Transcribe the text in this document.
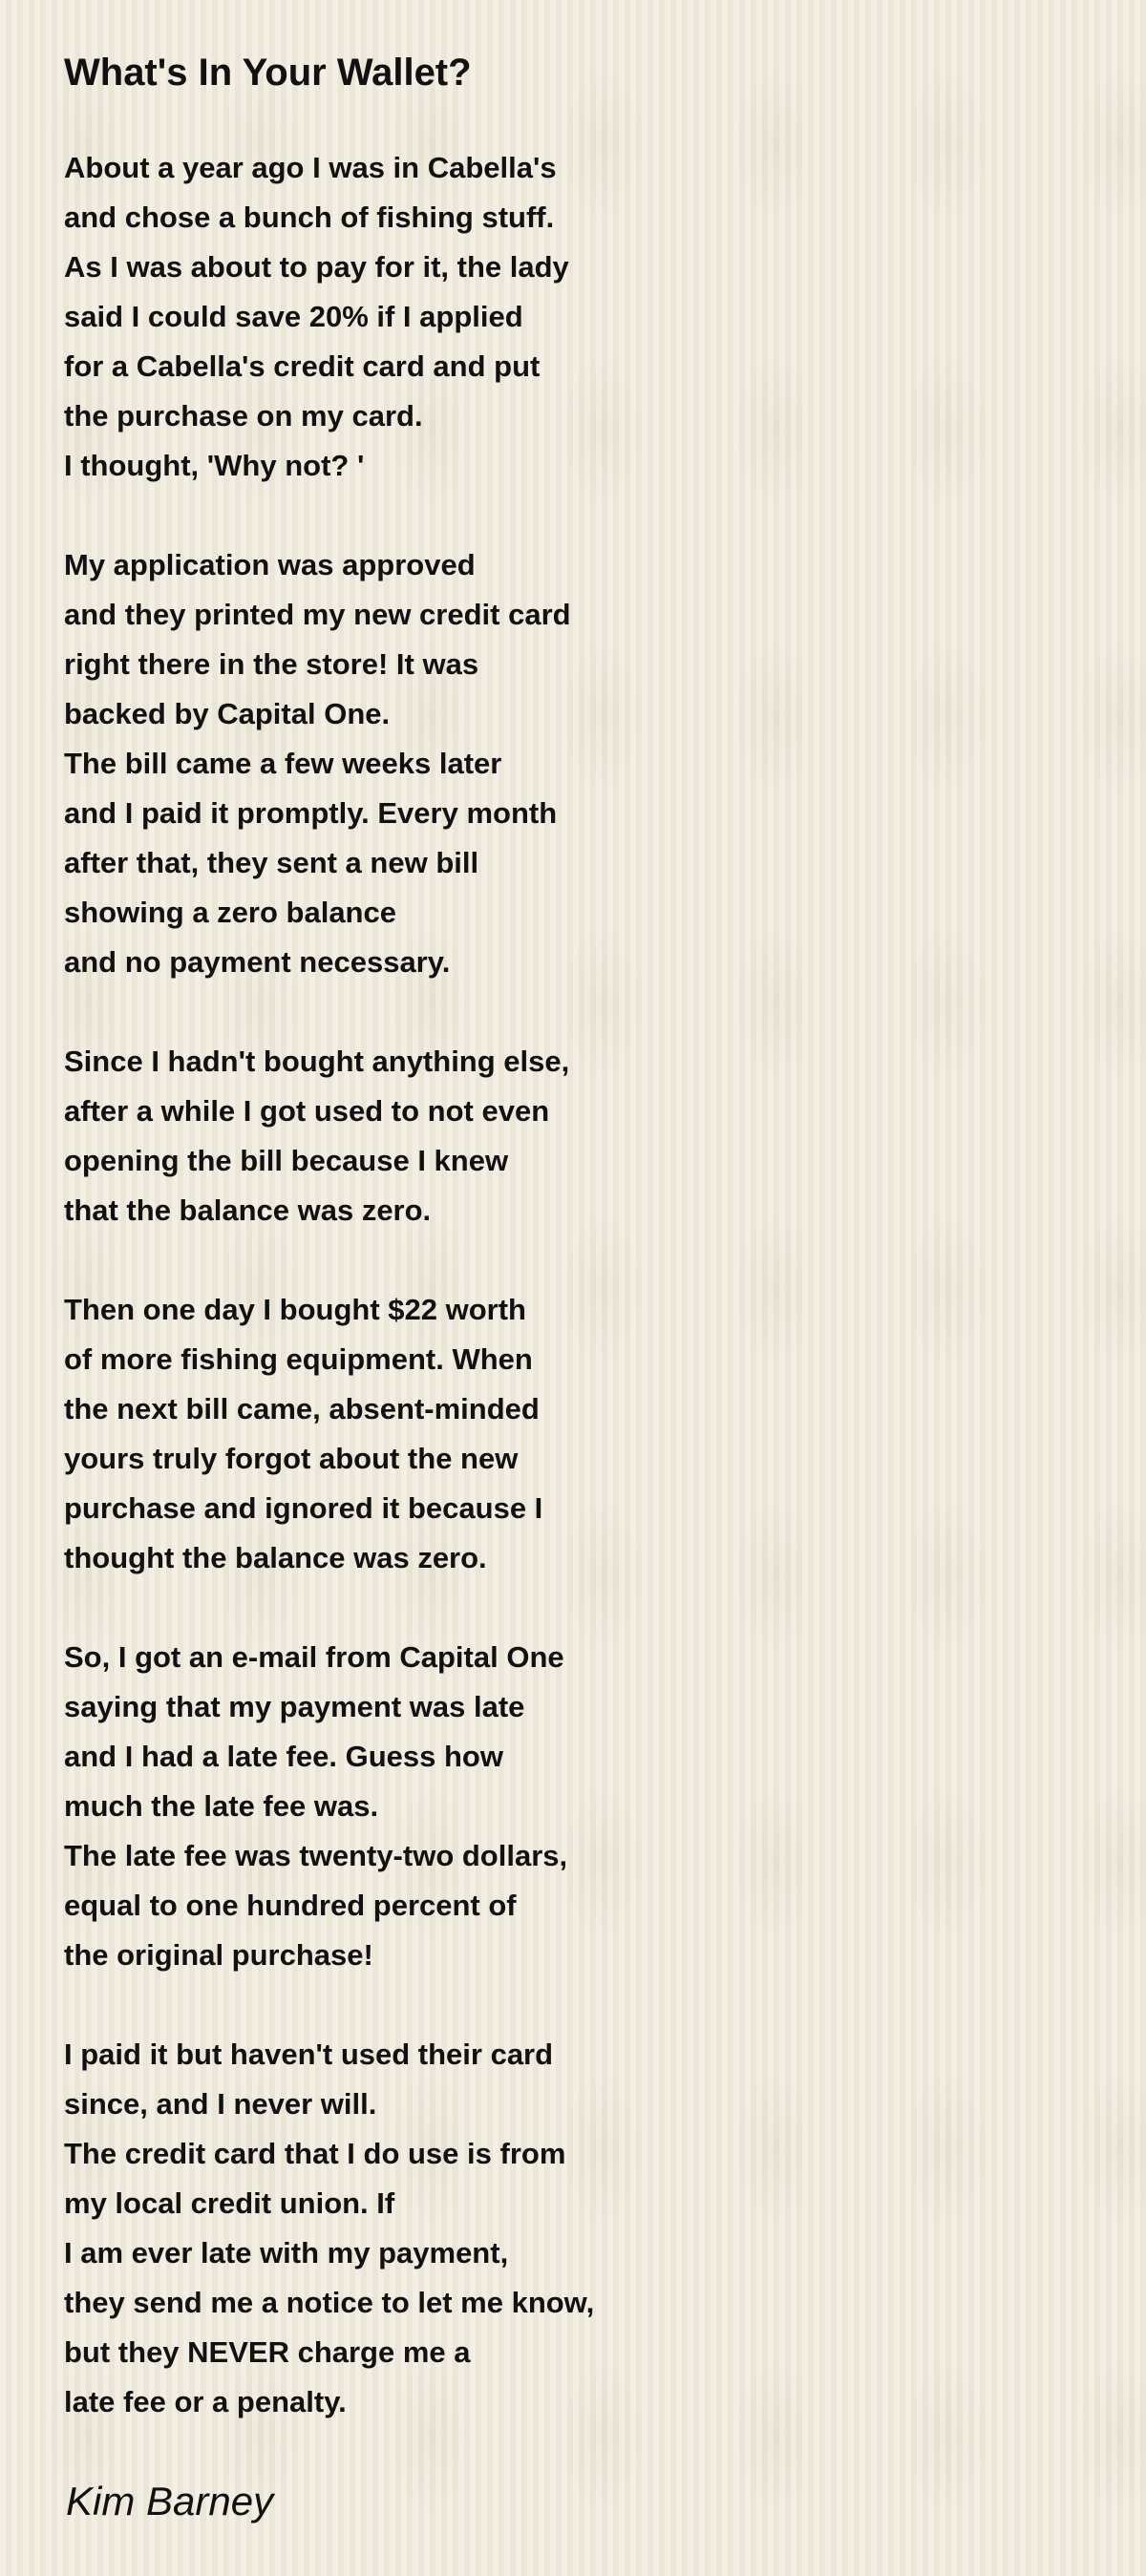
What's In Your Wallet?
About a year ago I was in Cabella's
and chose a bunch of fishing stuff.
As I was about to pay for it, the lady
said I could save 20% if I applied
for a Cabella's credit card and put
the purchase on my card.
I thought, 'Why not? '
My application was approved
and they printed my new credit card
right there in the store! It was
backed by Capital One.
The bill came a few weeks later
and I paid it promptly. Every month
after that, they sent a new bill
showing a zero balance
and no payment necessary.
Since I hadn't bought anything else,
after a while I got used to not even
opening the bill because I knew
that the balance was zero.
Then one day I bought $22 worth
of more fishing equipment. When
the next bill came, absent-minded
yours truly forgot about the new
purchase and ignored it because I
thought the balance was zero.
So, I got an e-mail from Capital One
saying that my payment was late
and I had a late fee. Guess how
much the late fee was.
The late fee was twenty-two dollars,
equal to one hundred percent of
the original purchase!
I paid it but haven't used their card
since, and I never will.
The credit card that I do use is from
my local credit union. If
I am ever late with my payment,
they send me a notice to let me know,
but they NEVER charge me a
late fee or a penalty.

Kim Barney
